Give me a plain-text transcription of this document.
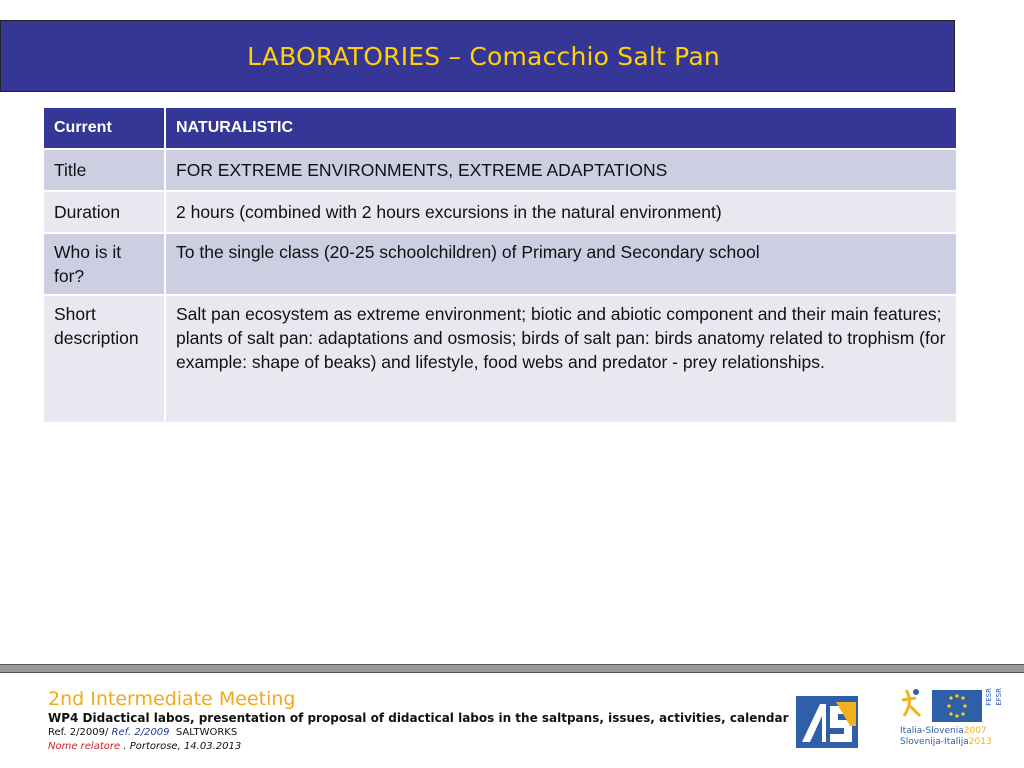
LABORATORIES – Comacchio Salt Pan
Current	NATURALISTIC
Title	FOR EXTREME ENVIRONMENTS, EXTREME ADAPTATIONS
Duration	2 hours (combined with 2 hours excursions in the natural environment)
Who is it for?	To the single class (20-25 schoolchildren) of Primary and Secondary school
Short description	Salt pan ecosystem as extreme environment; biotic and abiotic component and their main features; plants of salt pan: adaptations and osmosis; birds of salt pan: birds anatomy related to trophism (for example: shape of beaks) and lifestyle, food webs and predator - prey relationships.
2nd Intermediate Meeting
WP4 Didactical labos, presentation of proposal of didactical labos in the saltpans, issues, activities, calendar
Ref. 2/2009/ Ref. 2/2009 SALTWORKS
Nome relatore . Portorose, 14.03.2013
FESR EFSR
Italia-Slovenia2007
Slovenija-Italija2013
